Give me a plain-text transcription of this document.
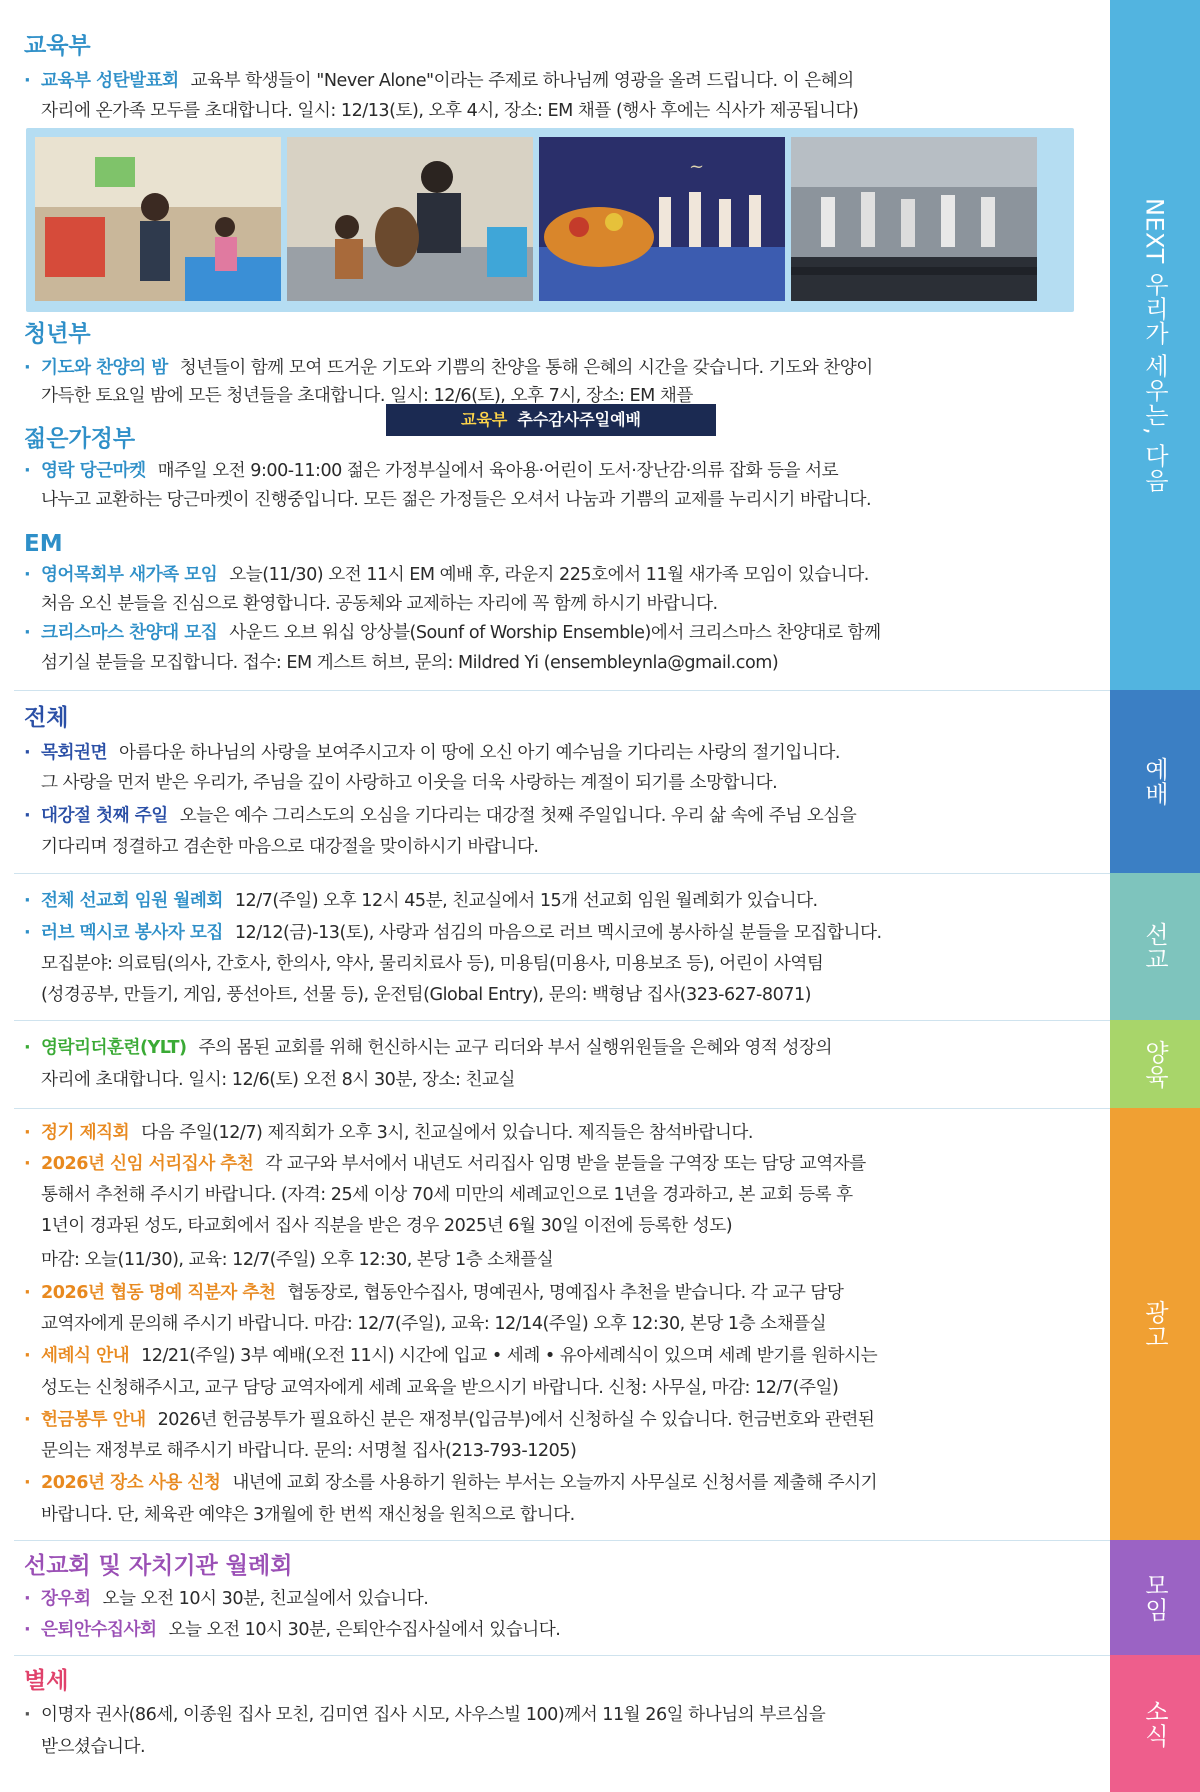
교육부
· 교육부 성탄발표회 교육부 학생들이 "Never Alone"이라는 주제로 하나님께 영광을 올려 드립니다. 이 은혜의
자리에 온가족 모두를 초대합니다. 일시: 12/13(토), 오후 4시, 장소: EM 채플 (행사 후에는 식사가 제공됩니다)
~
교육부 추수감사주일예배
청년부
· 기도와 찬양의 밤 청년들이 함께 모여 뜨거운 기도와 기쁨의 찬양을 통해 은혜의 시간을 갖습니다. 기도와 찬양이
가득한 토요일 밤에 모든 청년들을 초대합니다. 일시: 12/6(토), 오후 7시, 장소: EM 채플
젊은가정부
· 영락 당근마켓 매주일 오전 9:00-11:00 젊은 가정부실에서 육아용·어린이 도서·장난감·의류 잡화 등을 서로
나누고 교환하는 당근마켓이 진행중입니다. 모든 젊은 가정들은 오셔서 나눔과 기쁨의 교제를 누리시기 바랍니다.
EM
· 영어목회부 새가족 모임 오늘(11/30) 오전 11시 EM 예배 후, 라운지 225호에서 11월 새가족 모임이 있습니다.
처음 오신 분들을 진심으로 환영합니다. 공동체와 교제하는 자리에 꼭 함께 하시기 바랍니다.
· 크리스마스 찬양대 모집 사운드 오브 워십 앙상블(Sounf of Worship Ensemble)에서 크리스마스 찬양대로 함께
섬기실 분들을 모집합니다. 접수: EM 게스트 허브, 문의: Mildred Yi (ensembleynla@gmail.com)
전체
· 목회권면 아름다운 하나님의 사랑을 보여주시고자 이 땅에 오신 아기 예수님을 기다리는 사랑의 절기입니다.
그 사랑을 먼저 받은 우리가, 주님을 깊이 사랑하고 이웃을 더욱 사랑하는 계절이 되기를 소망합니다.
· 대강절 첫째 주일 오늘은 예수 그리스도의 오심을 기다리는 대강절 첫째 주일입니다. 우리 삶 속에 주님 오심을
기다리며 정결하고 겸손한 마음으로 대강절을 맞이하시기 바랍니다.
· 전체 선교회 임원 월례회 12/7(주일) 오후 12시 45분, 친교실에서 15개 선교회 임원 월례회가 있습니다.
· 러브 멕시코 봉사자 모집 12/12(금)-13(토), 사랑과 섬김의 마음으로 러브 멕시코에 봉사하실 분들을 모집합니다.
모집분야: 의료팀(의사, 간호사, 한의사, 약사, 물리치료사 등), 미용팀(미용사, 미용보조 등), 어린이 사역팀
(성경공부, 만들기, 게임, 풍선아트, 선물 등), 운전팀(Global Entry), 문의: 백형남 집사(323-627-8071)
· 영락리더훈련(YLT) 주의 몸된 교회를 위해 헌신하시는 교구 리더와 부서 실행위원들을 은혜와 영적 성장의
자리에 초대합니다. 일시: 12/6(토) 오전 8시 30분, 장소: 친교실
· 정기 제직회 다음 주일(12/7) 제직회가 오후 3시, 친교실에서 있습니다. 제직들은 참석바랍니다.
· 2026년 신임 서리집사 추천 각 교구와 부서에서 내년도 서리집사 임명 받을 분들을 구역장 또는 담당 교역자를
통해서 추천해 주시기 바랍니다. (자격: 25세 이상 70세 미만의 세례교인으로 1년을 경과하고, 본 교회 등록 후
1년이 경과된 성도, 타교회에서 집사 직분을 받은 경우 2025년 6월 30일 이전에 등록한 성도)
마감: 오늘(11/30), 교육: 12/7(주일) 오후 12:30, 본당 1층 소채플실
· 2026년 협동 명예 직분자 추천 협동장로, 협동안수집사, 명예권사, 명예집사 추천을 받습니다. 각 교구 담당
교역자에게 문의해 주시기 바랍니다. 마감: 12/7(주일), 교육: 12/14(주일) 오후 12:30, 본당 1층 소채플실
· 세례식 안내 12/21(주일) 3부 예배(오전 11시) 시간에 입교 • 세례 • 유아세례식이 있으며 세례 받기를 원하시는
성도는 신청해주시고, 교구 담당 교역자에게 세례 교육을 받으시기 바랍니다. 신청: 사무실, 마감: 12/7(주일)
· 헌금봉투 안내 2026년 헌금봉투가 필요하신 분은 재정부(입금부)에서 신청하실 수 있습니다. 헌금번호와 관련된
문의는 재정부로 해주시기 바랍니다. 문의: 서명철 집사(213-793-1205)
· 2026년 장소 사용 신청 내년에 교회 장소를 사용하기 원하는 부서는 오늘까지 사무실로 신청서를 제출해 주시기
바랍니다. 단, 체육관 예약은 3개월에 한 번씩 재신청을 원칙으로 합니다.
선교회 및 자치기관 월례회
· 장우회 오늘 오전 10시 30분, 친교실에서 있습니다.
· 은퇴안수집사회 오늘 오전 10시 30분, 은퇴안수집사실에서 있습니다.
별세
· 이명자 권사(86세, 이종원 집사 모친, 김미연 집사 시모, 사우스빌 100)께서 11월 26일 하나님의 부르심을
받으셨습니다.
NEXT 우리가 세우는, 다음
예배
선교
양육
광고
모임
소식
